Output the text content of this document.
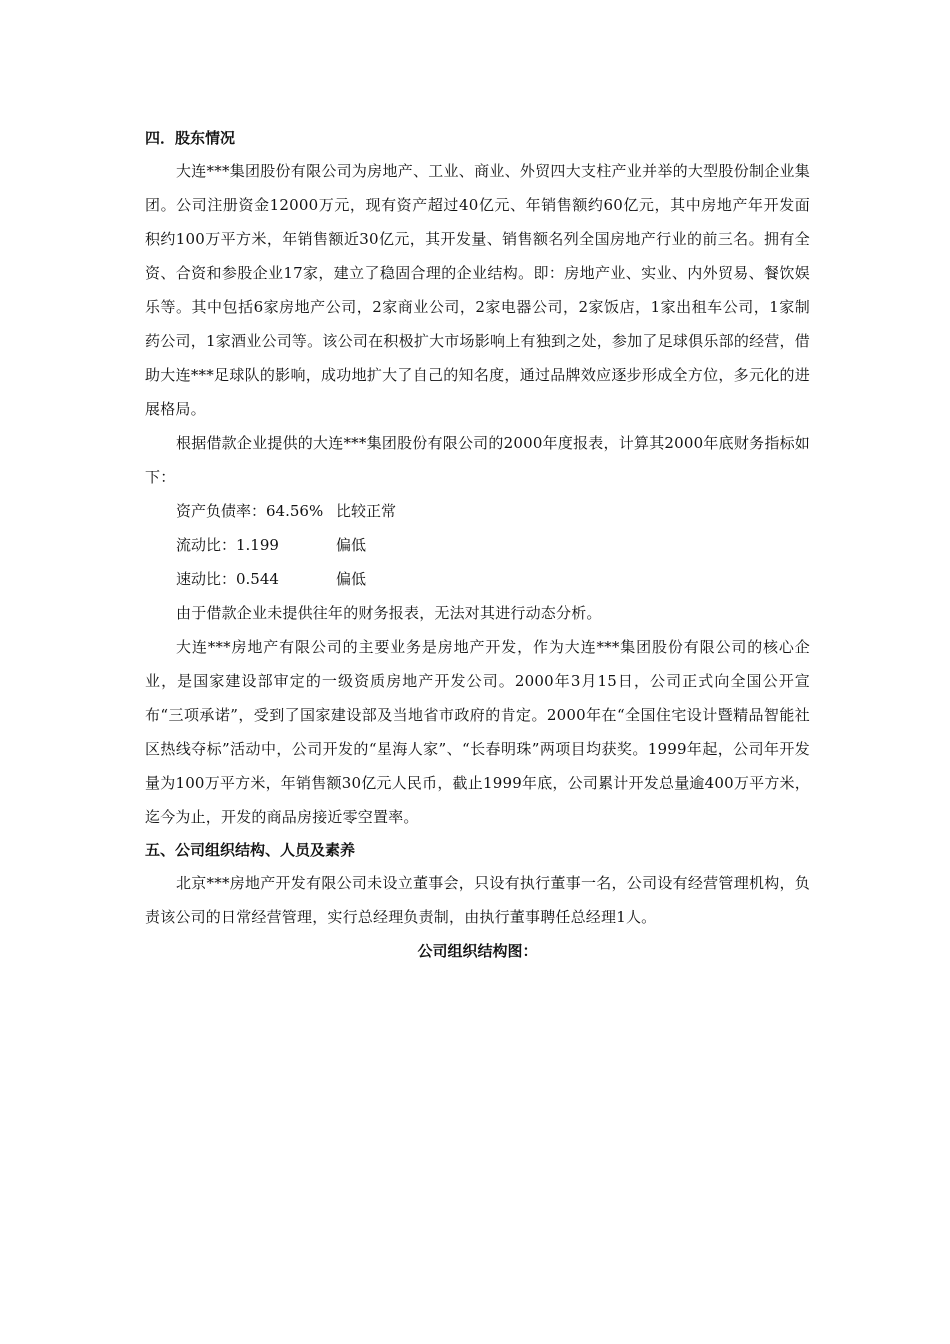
四．股东情况

大连***集团股份有限公司为房地产、工业、商业、外贸四大支柱产业并举的大型股份制企业集团。公司注册资金12000万元，现有资产超过40亿元、年销售额约60亿元，其中房地产年开发面积约100万平方米，年销售额近30亿元，其开发量、销售额名列全国房地产行业的前三名。拥有全资、合资和参股企业17家，建立了稳固合理的企业结构。即：房地产业、实业、内外贸易、餐饮娱乐等。其中包括6家房地产公司，2家商业公司，2家电器公司，2家饭店，1家出租车公司，1家制药公司，1家酒业公司等。该公司在积极扩大市场影响上有独到之处，参加了足球俱乐部的经营，借助大连***足球队的影响，成功地扩大了自己的知名度，通过品牌效应逐步形成全方位，多元化的进展格局。

根据借款企业提供的大连***集团股份有限公司的2000年度报表，计算其2000年底财务指标如下：

资产负债率：64.56% 比较正常
流动比：1.199	偏低
速动比：0.544	偏低

由于借款企业未提供往年的财务报表，无法对其进行动态分析。

大连***房地产有限公司的主要业务是房地产开发，作为大连***集团股份有限公司的核心企业，是国家建设部审定的一级资质房地产开发公司。2000年3月15日，公司正式向全国公开宣布“三项承诺”，受到了国家建设部及当地省市政府的肯定。2000年在“全国住宅设计暨精品智能社区热线夺标”活动中，公司开发的“星海人家”、“长春明珠”两项目均获奖。1999年起，公司年开发量为100万平方米，年销售额30亿元人民币，截止1999年底，公司累计开发总量逾400万平方米，迄今为止，开发的商品房接近零空置率。

五、公司组织结构、人员及素养

北京***房地产开发有限公司未设立董事会，只设有执行董事一名，公司设有经营管理机构，负责该公司的日常经营管理，实行总经理负责制，由执行董事聘任总经理1人。

公司组织结构图：
